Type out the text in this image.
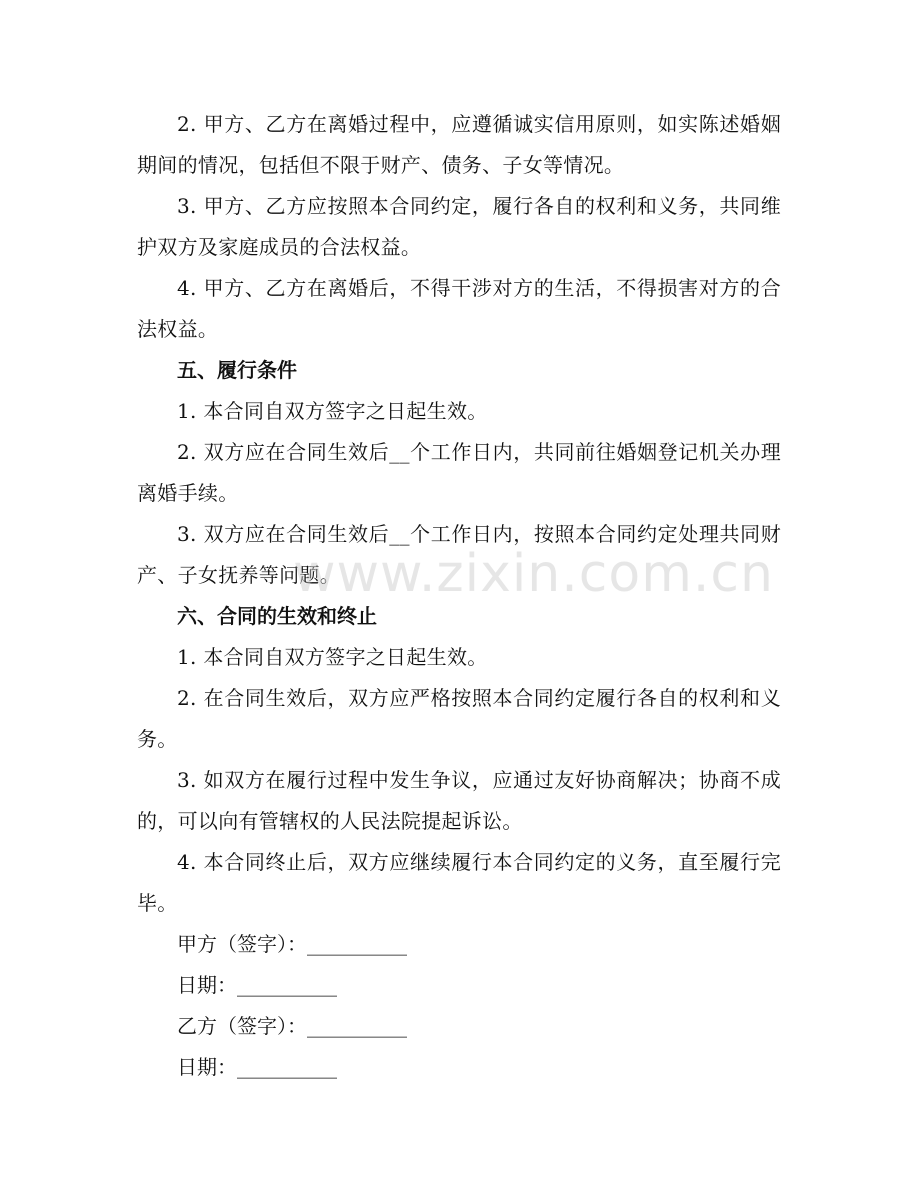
2. 甲方、乙方在离婚过程中，应遵循诚实信用原则，如实陈述婚姻期间的情况，包括但不限于财产、债务、子女等情况。

3. 甲方、乙方应按照本合同约定，履行各自的权利和义务，共同维护双方及家庭成员的合法权益。

4. 甲方、乙方在离婚后，不得干涉对方的生活，不得损害对方的合法权益。

五、履行条件

1. 本合同自双方签字之日起生效。

2. 双方应在合同生效后__个工作日内，共同前往婚姻登记机关办理离婚手续。

3. 双方应在合同生效后__个工作日内，按照本合同约定处理共同财产、子女抚养等问题。

六、合同的生效和终止

1. 本合同自双方签字之日起生效。

2. 在合同生效后，双方应严格按照本合同约定履行各自的权利和义务。

3. 如双方在履行过程中发生争议，应通过友好协商解决；协商不成的，可以向有管辖权的人民法院提起诉讼。

4. 本合同终止后，双方应继续履行本合同约定的义务，直至履行完毕。

甲方（签字）：__________

日期：__________

乙方（签字）：__________

日期：__________

www.zixin.com.cn
